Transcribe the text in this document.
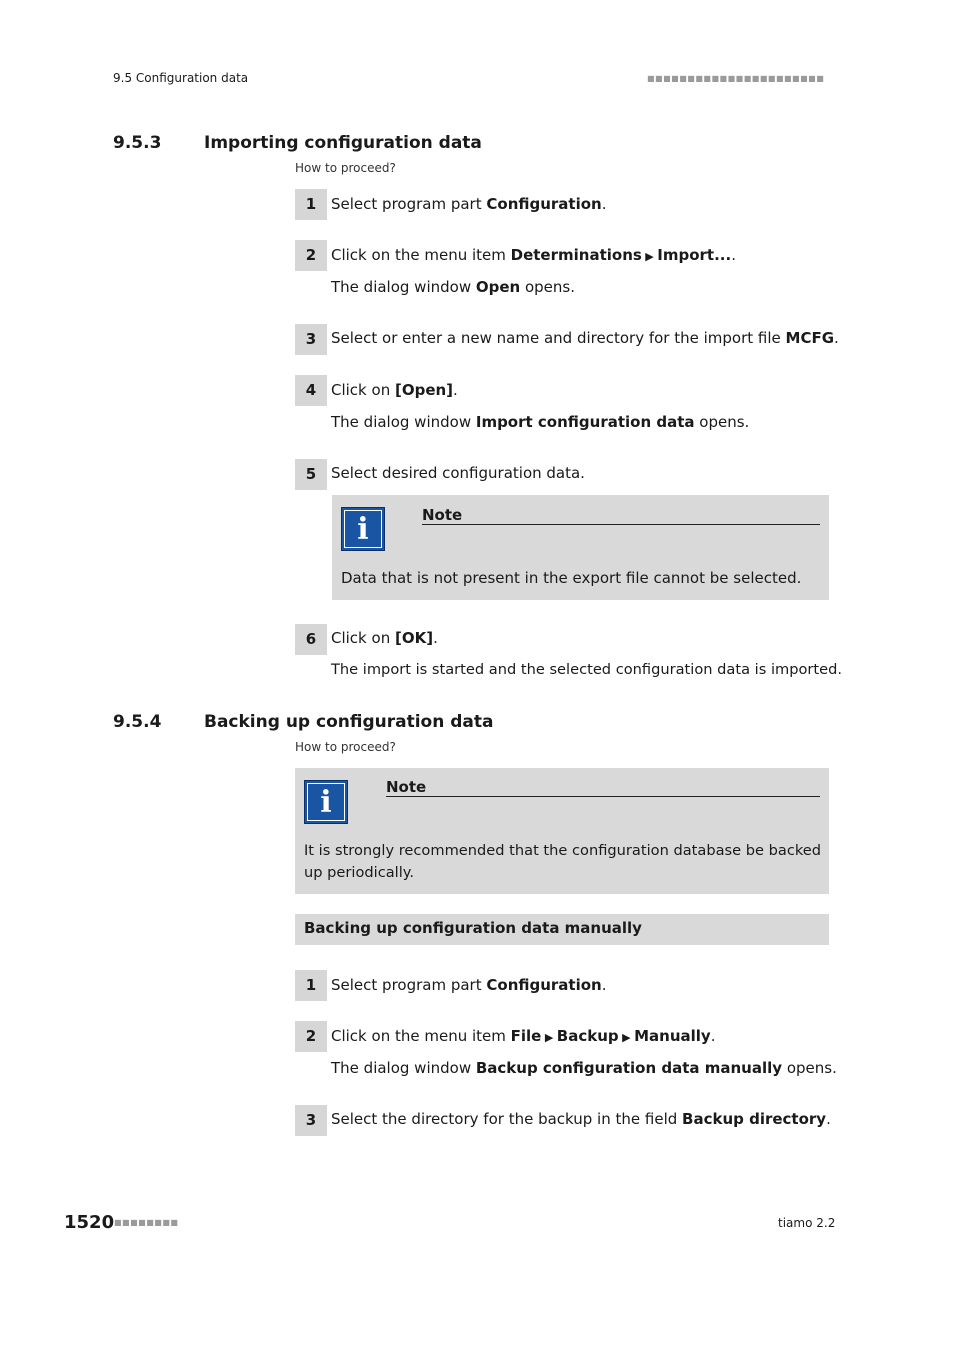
9.5 Configuration data	■■■■■■■■■■■■■■■■■■■■■■
9.5.3	Importing configuration data
How to proceed?
1 Select program part Configuration.
2 Click on the menu item Determinations ▶ Import....
The dialog window Open opens.
3 Select or enter a new name and directory for the import file MCFG.
4 Click on [Open].
The dialog window Import configuration data opens.
5 Select desired configuration data.
i	Note
Data that is not present in the export file cannot be selected.
6 Click on [OK].
The import is started and the selected configuration data is imported.
9.5.4	Backing up configuration data
How to proceed?
i	Note
It is strongly recommended that the configuration database be backed up periodically.
Backing up configuration data manually
1 Select program part Configuration.
2 Click on the menu item File ▶ Backup ▶ Manually.
The dialog window Backup configuration data manually opens.
3 Select the directory for the backup in the field Backup directory.
1520 ■■■■■■■■	tiamo 2.2
